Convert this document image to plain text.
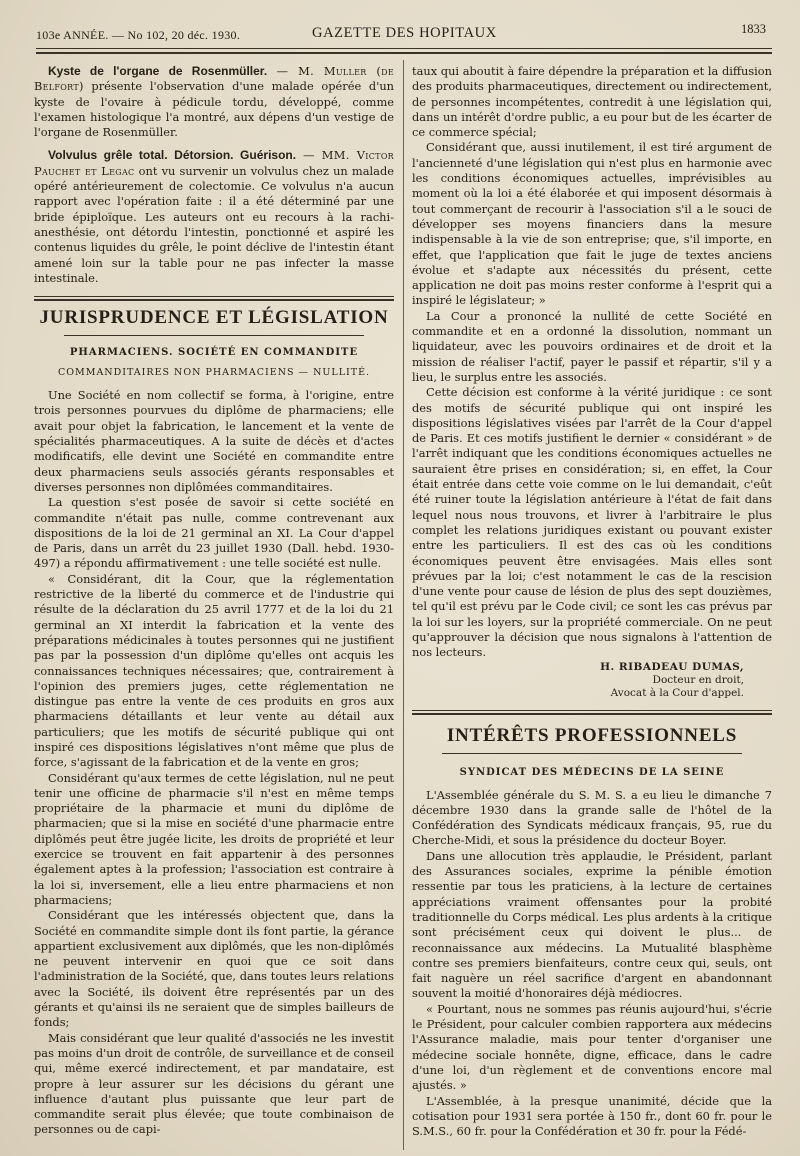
103e ANNÉE. — No 102, 20 déc. 1930.	GAZETTE DES HOPITAUX	1833

Kyste de l'organe de Rosenmüller. — M. Muller (de Belfort) présente l'observation d'une malade opérée d'un kyste de l'ovaire à pédicule tordu, développé, comme l'examen histologique l'a montré, aux dépens d'un vestige de l'organe de Rosenmüller.

Volvulus grêle total. Détorsion. Guérison. — MM. Victor Pauchet et Legac ont vu survenir un volvulus chez un malade opéré antérieurement de colectomie. Ce volvulus n'a aucun rapport avec l'opération faite : il a été déterminé par une bride épiploïque. Les auteurs ont eu recours à la rachi-anesthésie, ont détordu l'intestin, ponctionné et aspiré les contenus liquides du grêle, le point déclive de l'intestin étant amené loin sur la table pour ne pas infecter la masse intestinale.

JURISPRUDENCE ET LÉGISLATION
PHARMACIENS. SOCIÉTÉ EN COMMANDITE
COMMANDITAIRES NON PHARMACIENS — NULLITÉ.

Une Société en nom collectif se forma, à l'origine, entre trois personnes pourvues du diplôme de pharmaciens; elle avait pour objet la fabrication, le lancement et la vente de spécialités pharmaceutiques. A la suite de décès et d'actes modificatifs, elle devint une Société en commandite entre deux pharmaciens seuls associés gérants responsables et diverses personnes non diplômées commanditaires.

La question s'est posée de savoir si cette société en commandite n'était pas nulle, comme contrevenant aux dispositions de la loi de 21 germinal an XI. La Cour d'appel de Paris, dans un arrêt du 23 juillet 1930 (Dall. hebd. 1930-497) a répondu affirmativement : une telle société est nulle.

« Considérant, dit la Cour, que la réglementation restrictive de la liberté du commerce et de l'industrie qui résulte de la déclaration du 25 avril 1777 et de la loi du 21 germinal an XI interdit la fabrication et la vente des préparations médicinales à toutes personnes qui ne justifient pas par la possession d'un diplôme qu'elles ont acquis les connaissances techniques nécessaires; que, contrairement à l'opinion des premiers juges, cette réglementation ne distingue pas entre la vente de ces produits en gros aux pharmaciens détaillants et leur vente au détail aux particuliers; que les motifs de sécurité publique qui ont inspiré ces dispositions législatives n'ont même que plus de force, s'agissant de la fabrication et de la vente en gros;

Considérant qu'aux termes de cette législation, nul ne peut tenir une officine de pharmacie s'il n'est en même temps propriétaire de la pharmacie et muni du diplôme de pharmacien; que si la mise en société d'une pharmacie entre diplômés peut être jugée licite, les droits de propriété et leur exercice se trouvent en fait appartenir à des personnes également aptes à la profession; l'association est contraire à la loi si, inversement, elle a lieu entre pharmaciens et non pharmaciens;

Considérant que les intéressés objectent que, dans la Société en commandite simple dont ils font partie, la gérance appartient exclusivement aux diplômés, que les non-diplômés ne peuvent intervenir en quoi que ce soit dans l'administration de la Société, que, dans toutes leurs relations avec la Société, ils doivent être représentés par un des gérants et qu'ainsi ils ne seraient que de simples bailleurs de fonds;

Mais considérant que leur qualité d'associés ne les investit pas moins d'un droit de contrôle, de surveillance et de conseil qui, même exercé indirectement, et par mandataire, est propre à leur assurer sur les décisions du gérant une influence d'autant plus puissante que leur part de commandite serait plus élevée; que toute combinaison de personnes ou de capi-

taux qui aboutit à faire dépendre la préparation et la diffusion des produits pharmaceutiques, directement ou indirectement, de personnes incompétentes, contredit à une législation qui, dans un intérêt d'ordre public, a eu pour but de les écarter de ce commerce spécial;

Considérant que, aussi inutilement, il est tiré argument de l'ancienneté d'une législation qui n'est plus en harmonie avec les conditions économiques actuelles, imprévisibles au moment où la loi a été élaborée et qui imposent désormais à tout commerçant de recourir à l'association s'il a le souci de développer ses moyens financiers dans la mesure indispensable à la vie de son entreprise; que, s'il importe, en effet, que l'application que fait le juge de textes anciens évolue et s'adapte aux nécessités du présent, cette application ne doit pas moins rester conforme à l'esprit qui a inspiré le législateur; »

La Cour a prononcé la nullité de cette Société en commandite et en a ordonné la dissolution, nommant un liquidateur, avec les pouvoirs ordinaires et de droit et la mission de réaliser l'actif, payer le passif et répartir, s'il y a lieu, le surplus entre les associés.

Cette décision est conforme à la vérité juridique : ce sont des motifs de sécurité publique qui ont inspiré les dispositions législatives visées par l'arrêt de la Cour d'appel de Paris. Et ces motifs justifient le dernier « considérant » de l'arrêt indiquant que les conditions économiques actuelles ne sauraient être prises en considération; si, en effet, la Cour était entrée dans cette voie comme on le lui demandait, c'eût été ruiner toute la législation antérieure à l'état de fait dans lequel nous nous trouvons, et livrer à l'arbitraire le plus complet les relations juridiques existant ou pouvant exister entre les particuliers. Il est des cas où les conditions économiques peuvent être envisagées. Mais elles sont prévues par la loi; c'est notamment le cas de la rescision d'une vente pour cause de lésion de plus des sept douzièmes, tel qu'il est prévu par le Code civil; ce sont les cas prévus par la loi sur les loyers, sur la propriété commerciale. On ne peut qu'approuver la décision que nous signalons à l'attention de nos lecteurs.

H. RIBADEAU DUMAS,
Docteur en droit,
Avocat à la Cour d'appel.
INTÉRÊTS PROFESSIONNELS
SYNDICAT DES MÉDECINS DE LA SEINE

L'Assemblée générale du S. M. S. a eu lieu le dimanche 7 décembre 1930 dans la grande salle de l'hôtel de la Confédération des Syndicats médicaux français, 95, rue du Cherche-Midi, et sous la présidence du docteur Boyer.

Dans une allocution très applaudie, le Président, parlant des Assurances sociales, exprime la pénible émotion ressentie par tous les praticiens, à la lecture de certaines appréciations vraiment offensantes pour la probité traditionnelle du Corps médical. Les plus ardents à la critique sont précisément ceux qui doivent le plus... de reconnaissance aux médecins. La Mutualité blasphème contre ses premiers bienfaiteurs, contre ceux qui, seuls, ont fait naguère un réel sacrifice d'argent en abandonnant souvent la moitié d'honoraires déjà médiocres.

« Pourtant, nous ne sommes pas réunis aujourd'hui, s'écrie le Président, pour calculer combien rapportera aux médecins l'Assurance maladie, mais pour tenter d'organiser une médecine sociale honnête, digne, efficace, dans le cadre d'une loi, d'un règlement et de conventions encore mal ajustés. »

L'Assemblée, à la presque unanimité, décide que la cotisation pour 1931 sera portée à 150 fr., dont 60 fr. pour le S.M.S., 60 fr. pour la Confédération et 30 fr. pour la Fédé-
